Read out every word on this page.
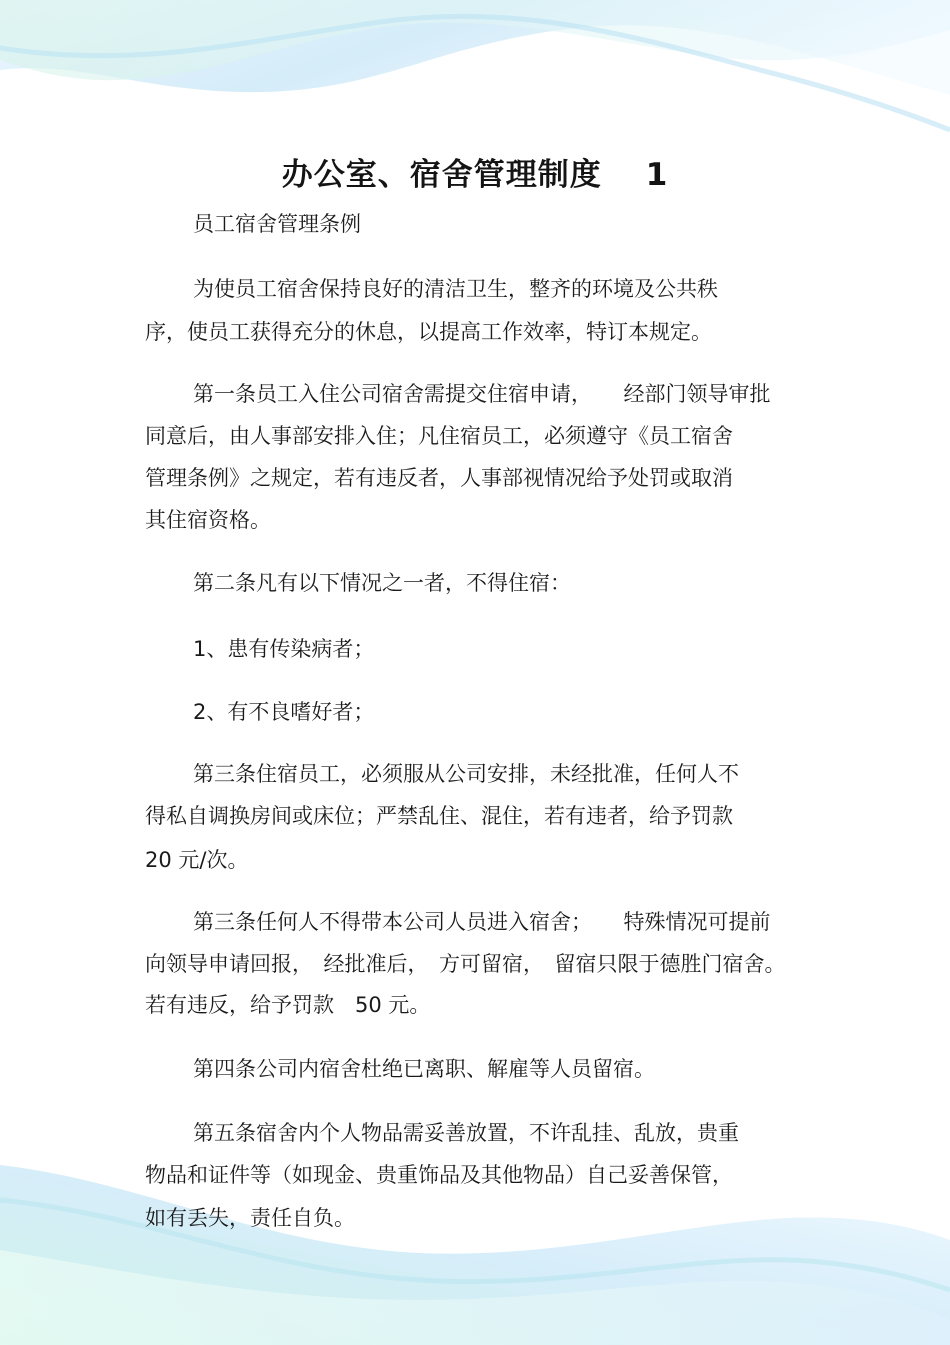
办公室、宿舍管理制度 1

员工宿舍管理条例

为使员工宿舍保持良好的清洁卫生，整齐的环境及公共秩

序，使员工获得充分的休息，以提高工作效率，特订本规定。

第一条员工入住公司宿舍需提交住宿申请，　　经部门领导审批

同意后，由人事部安排入住；凡住宿员工，必须遵守《员工宿舍

管理条例》之规定，若有违反者，人事部视情况给予处罚或取消

其住宿资格。

第二条凡有以下情况之一者，不得住宿：

1、患有传染病者；

2、有不良嗜好者；

第三条住宿员工，必须服从公司安排，未经批准，任何人不

得私自调换房间或床位；严禁乱住、混住，若有违者，给予罚款

20 元/次。

第三条任何人不得带本公司人员进入宿舍；　　特殊情况可提前

向领导申请回报，　经批准后，　方可留宿，　留宿只限于德胜门宿舍。

若有违反，给予罚款　50 元。

第四条公司内宿舍杜绝已离职、解雇等人员留宿。

第五条宿舍内个人物品需妥善放置，不许乱挂、乱放，贵重

物品和证件等（如现金、贵重饰品及其他物品）自己妥善保管，

如有丢失，责任自负。
